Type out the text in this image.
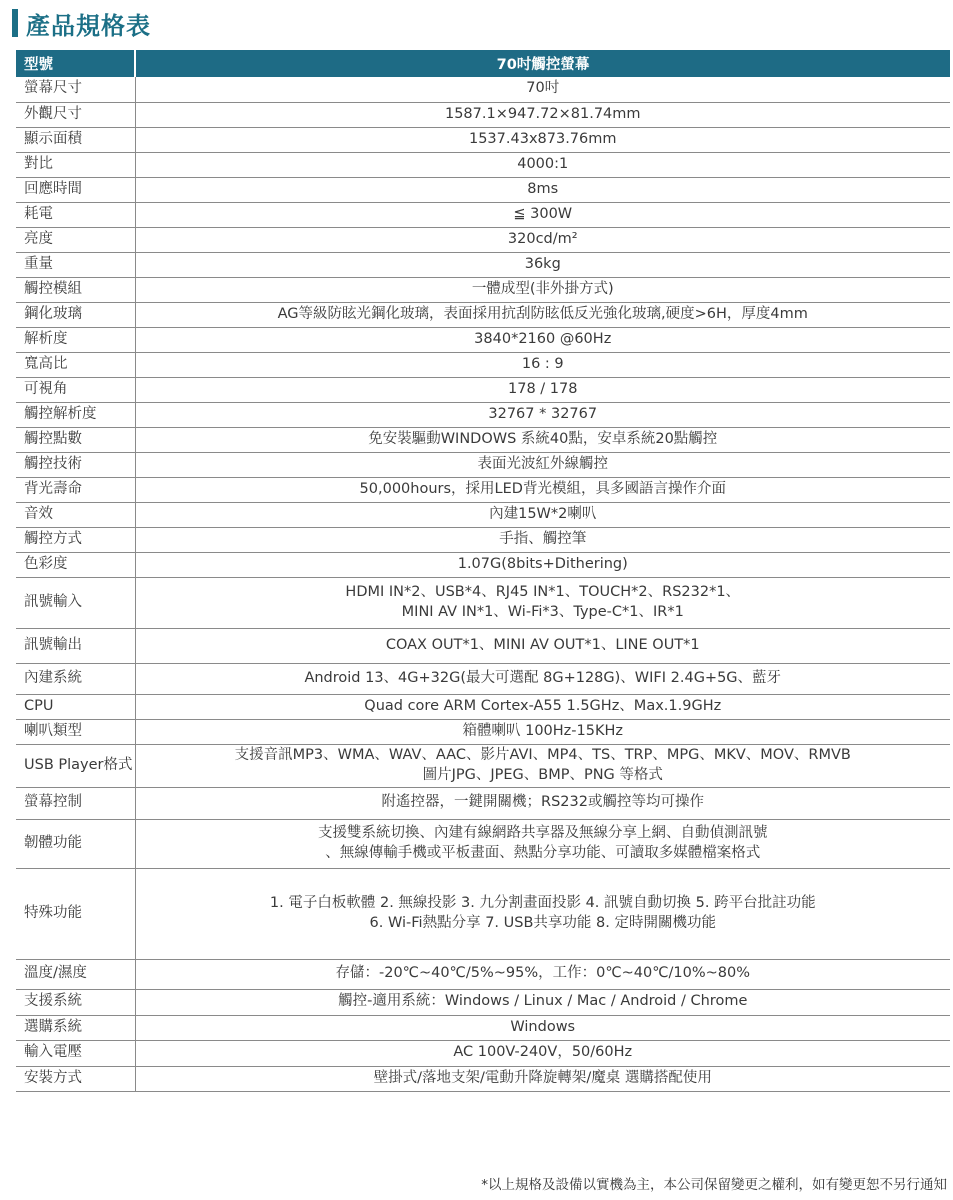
產品規格表
型號	70吋觸控螢幕
螢幕尺寸	70吋
外觀尺寸	1587.1×947.72×81.74mm
顯示面積	1537.43x873.76mm
對比	4000:1
回應時間	8ms
耗電	≦ 300W
亮度	320cd/m²
重量	36kg
觸控模組	一體成型(非外掛方式)
鋼化玻璃	AG等級防眩光鋼化玻璃，表面採用抗刮防眩低反光強化玻璃,硬度>6H，厚度4mm
解析度	3840*2160 @60Hz
寬高比	16 : 9
可視角	178 / 178
觸控解析度	32767 * 32767
觸控點數	免安裝驅動WINDOWS 系統40點，安卓系統20點觸控
觸控技術	表面光波紅外線觸控
背光壽命	50,000hours，採用LED背光模組，具多國語言操作介面
音效	內建15W*2喇叭
觸控方式	手指、觸控筆
色彩度	1.07G(8bits+Dithering)
訊號輸入	HDMI IN*2、USB*4、RJ45 IN*1、TOUCH*2、RS232*1、
MINI AV IN*1、Wi-Fi*3、Type-C*1、IR*1
訊號輸出	COAX OUT*1、MINI AV OUT*1、LINE OUT*1
內建系統	Android 13、4G+32G(最大可選配 8G+128G)、WIFI 2.4G+5G、藍牙
CPU	Quad core ARM Cortex-A55 1.5GHz、Max.1.9GHz
喇叭類型	箱體喇叭 100Hz-15KHz
USB Player格式	支援音訊MP3、WMA、WAV、AAC、影片AVI、MP4、TS、TRP、MPG、MKV、MOV、RMVB
圖片JPG、JPEG、BMP、PNG 等格式
螢幕控制	附遙控器，一鍵開關機；RS232或觸控等均可操作
韌體功能	支援雙系統切換、內建有線網路共享器及無線分享上網、自動偵測訊號
、無線傳輸手機或平板畫面、熱點分享功能、可讀取多媒體檔案格式
特殊功能	1. 電子白板軟體 2. 無線投影 3. 九分割畫面投影 4. 訊號自動切換 5. 跨平台批註功能
6. Wi-Fi熱點分享 7. USB共享功能 8. 定時開關機功能
溫度/濕度	存儲：-20℃~40℃/5%~95%，工作：0℃~40℃/10%~80%
支援系統	觸控-適用系統：Windows / Linux / Mac / Android / Chrome
選購系統	Windows
輸入電壓	AC 100V-240V，50/60Hz
安裝方式	壁掛式/落地支架/電動升降旋轉架/魔桌 選購搭配使用
*以上規格及設備以實機為主，本公司保留變更之權利，如有變更恕不另行通知
